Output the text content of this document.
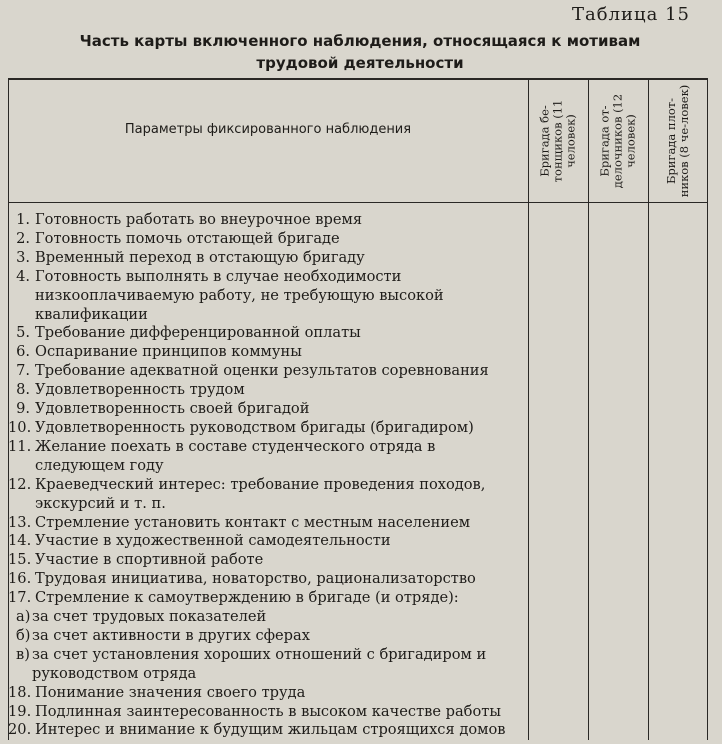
Таблица 15
Часть карты включенного наблюдения, относящаяся к мотивам
трудовой деятельности
Параметры фиксированного наблюдения	Бригада бе-тонщиков (11 человек) Бригада от-делочников (12 человек) Бригада плот-ников (8 че-ловек)
1. Готовность работать во внеурочное время
2. Готовность помочь отстающей бригаде
3. Временный переход в отстающую бригаду
4. Готовность выполнять в случае необходимости низкооплачиваемую работу, не требующую высокой квалификации
5. Требование дифференцированной оплаты
6. Оспаривание принципов коммуны
7. Требование адекватной оценки результатов соревнования
8. Удовлетворенность трудом
9. Удовлетворенность своей бригадой
10. Удовлетворенность руководством бригады (бригадиром)
11. Желание поехать в составе студенческого отряда в следующем году
12. Краеведческий интерес: требование проведения походов, экскурсий и т. п.
13. Стремление установить контакт с местным населением
14. Участие в художественной самодеятельности
15. Участие в спортивной работе
16. Трудовая инициатива, новаторство, рационализаторство
17. Стремление к самоутверждению в бригаде (и отряде):
а) за счет трудовых показателей
б) за счет активности в других сферах
в) за счет установления хороших отношений с бригадиром и руководством отряда
18. Понимание значения своего труда
19. Подлинная заинтересованность в высоком качестве работы
20. Интерес и внимание к будущим жильцам строящихся домов
